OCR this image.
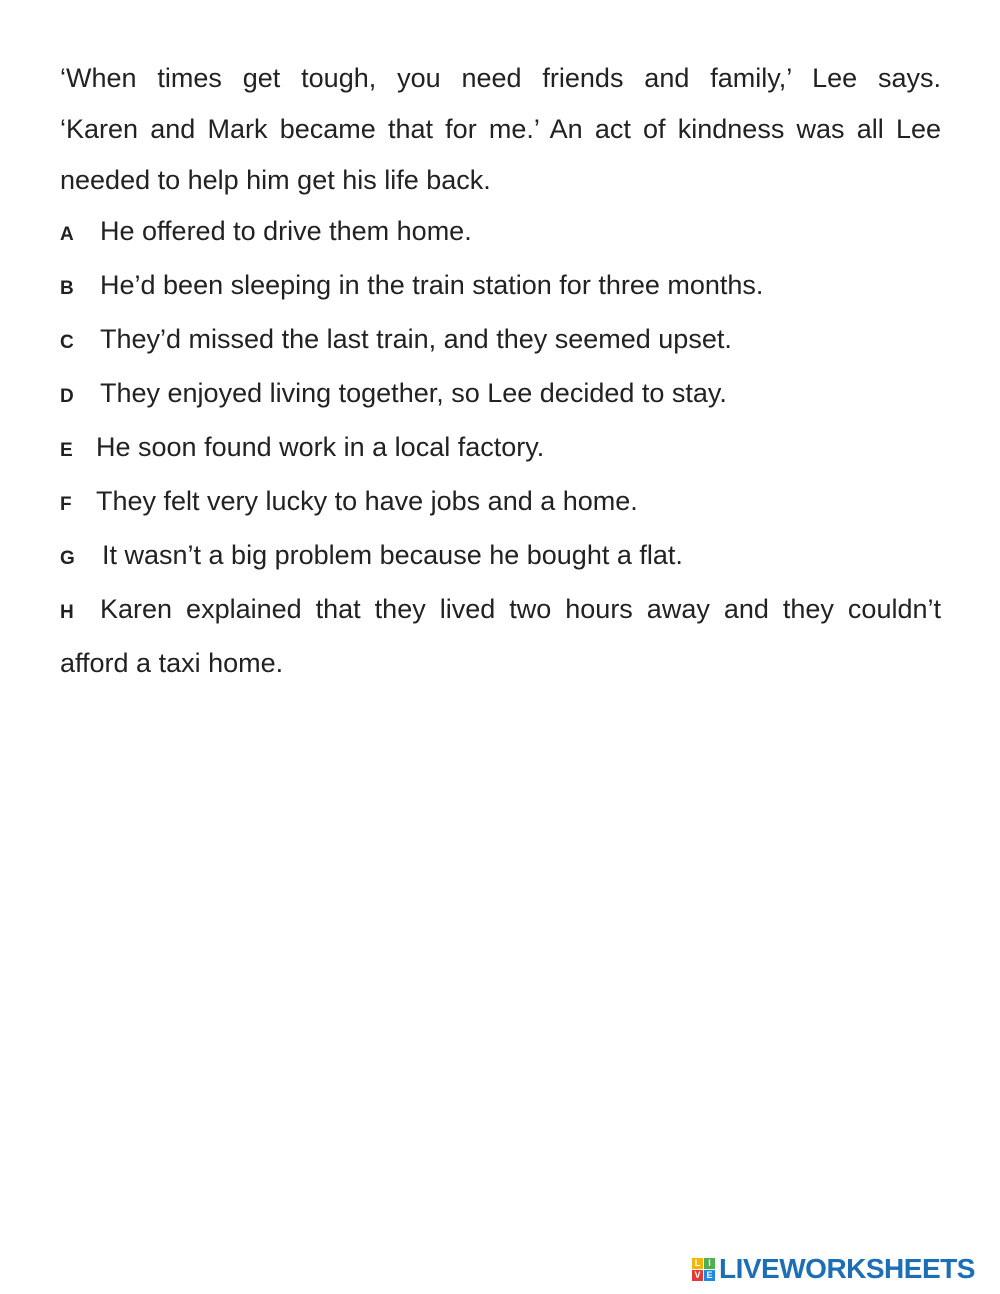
‘When times get tough, you need friends and family,’ Lee says.
‘Karen and Mark became that for me.’ An act of kindness was all Lee
needed to help him get his life back.

A He offered to drive them home.
B He’d been sleeping in the train station for three months.
C They’d missed the last train, and they seemed upset.
D They enjoyed living together, so Lee decided to stay.
E He soon found work in a local factory.
F They felt very lucky to have jobs and a home.
G It wasn’t a big problem because he bought a flat.
H Karen explained that they lived two hours away and they couldn’t afford a taxi home.
L I
V E LIVEWORKSHEETS
